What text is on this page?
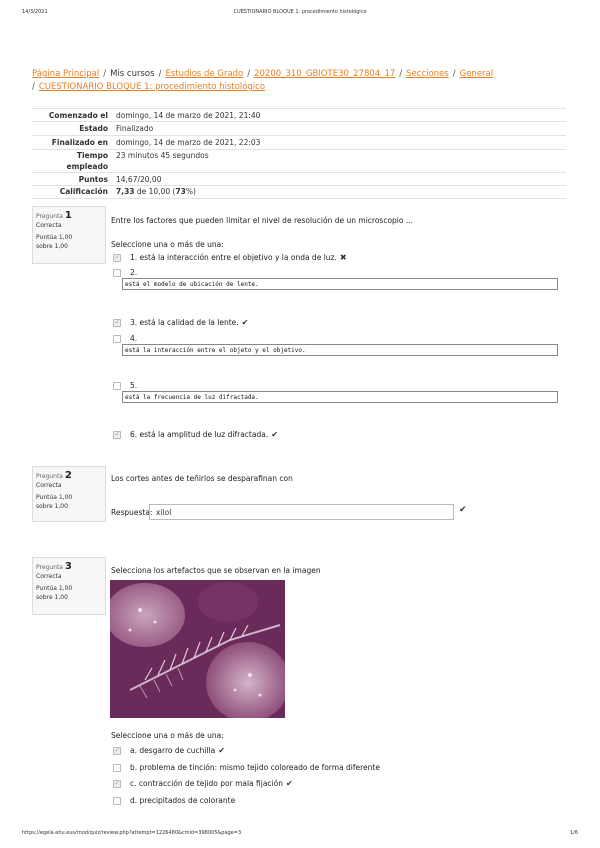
14/3/2021	CUESTIONARIO BLOQUE 1: procedimiento histológico
Página Principal / Mis cursos / Estudios de Grado / 20200_310_GBIOTE30_27804_17 / Secciones / General
/ CUESTIONARIO BLOQUE 1: procedimiento histológico
Comenzado el domingo, 14 de marzo de 2021, 21:40
Estado Finalizado
Finalizado en domingo, 14 de marzo de 2021, 22:03
Tiempo
empleado
23 minutos 45 segundos
Puntos 14,67/20,00
Calificación 7,33 de 10,00 (73%)
Pregunta 1
Correcta
Puntúa 1,00
sobre 1,00
Entre los factores que pueden limitar el nivel de resolución de un microscopio ...
Seleccione una o más de una:
✓ 1. está la interacción entre el objetivo y la onda de luz. ✖
2.
está el modelo de ubicación de lente.
✓ 3. está la calidad de la lente. ✔
4.
está la interacción entre el objeto y el objetivo.
5.
está la frecuencia de luz difractada.
✓ 6. está la amplitud de luz difractada. ✔
Pregunta 2
Correcta
Puntúa 1,00
sobre 1,00
Los cortes antes de teñirlos se desparafinan con
Respuesta: xilol	✔
Pregunta 3
Correcta
Puntúa 1,00
sobre 1,00
Selecciona los artefactos que se observan en la imagen
Seleccione una o más de una:
✓ a. desgarro de cuchilla ✔
b. problema de tinción: mismo tejido coloreado de forma diferente
✓ c. contracción de tejido por mala fijación ✔
d. precipitados de colorante
https://egela.ehu.eus/mod/quiz/review.php?attempt=1226480&cmid=398005&page=3	1/6
